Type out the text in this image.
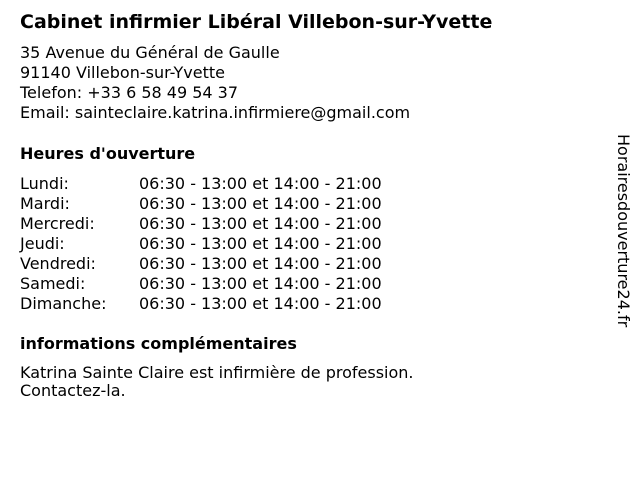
Cabinet infirmier Libéral Villebon-sur-Yvette
35 Avenue du Général de Gaulle
91140 Villebon-sur-Yvette
Telefon: +33 6 58 49 54 37
Email: sainteclaire.katrina.infirmiere@gmail.com
Heures d'ouverture
Lundi:	06:30 - 13:00 et 14:00 - 21:00
Mardi:	06:30 - 13:00 et 14:00 - 21:00
Mercredi:	06:30 - 13:00 et 14:00 - 21:00
Jeudi:	06:30 - 13:00 et 14:00 - 21:00
Vendredi:	06:30 - 13:00 et 14:00 - 21:00
Samedi:	06:30 - 13:00 et 14:00 - 21:00
Dimanche:	06:30 - 13:00 et 14:00 - 21:00
informations complémentaires
Katrina Sainte Claire est infirmière de profession.
Contactez-la.
Horairesdouverture24.fr
